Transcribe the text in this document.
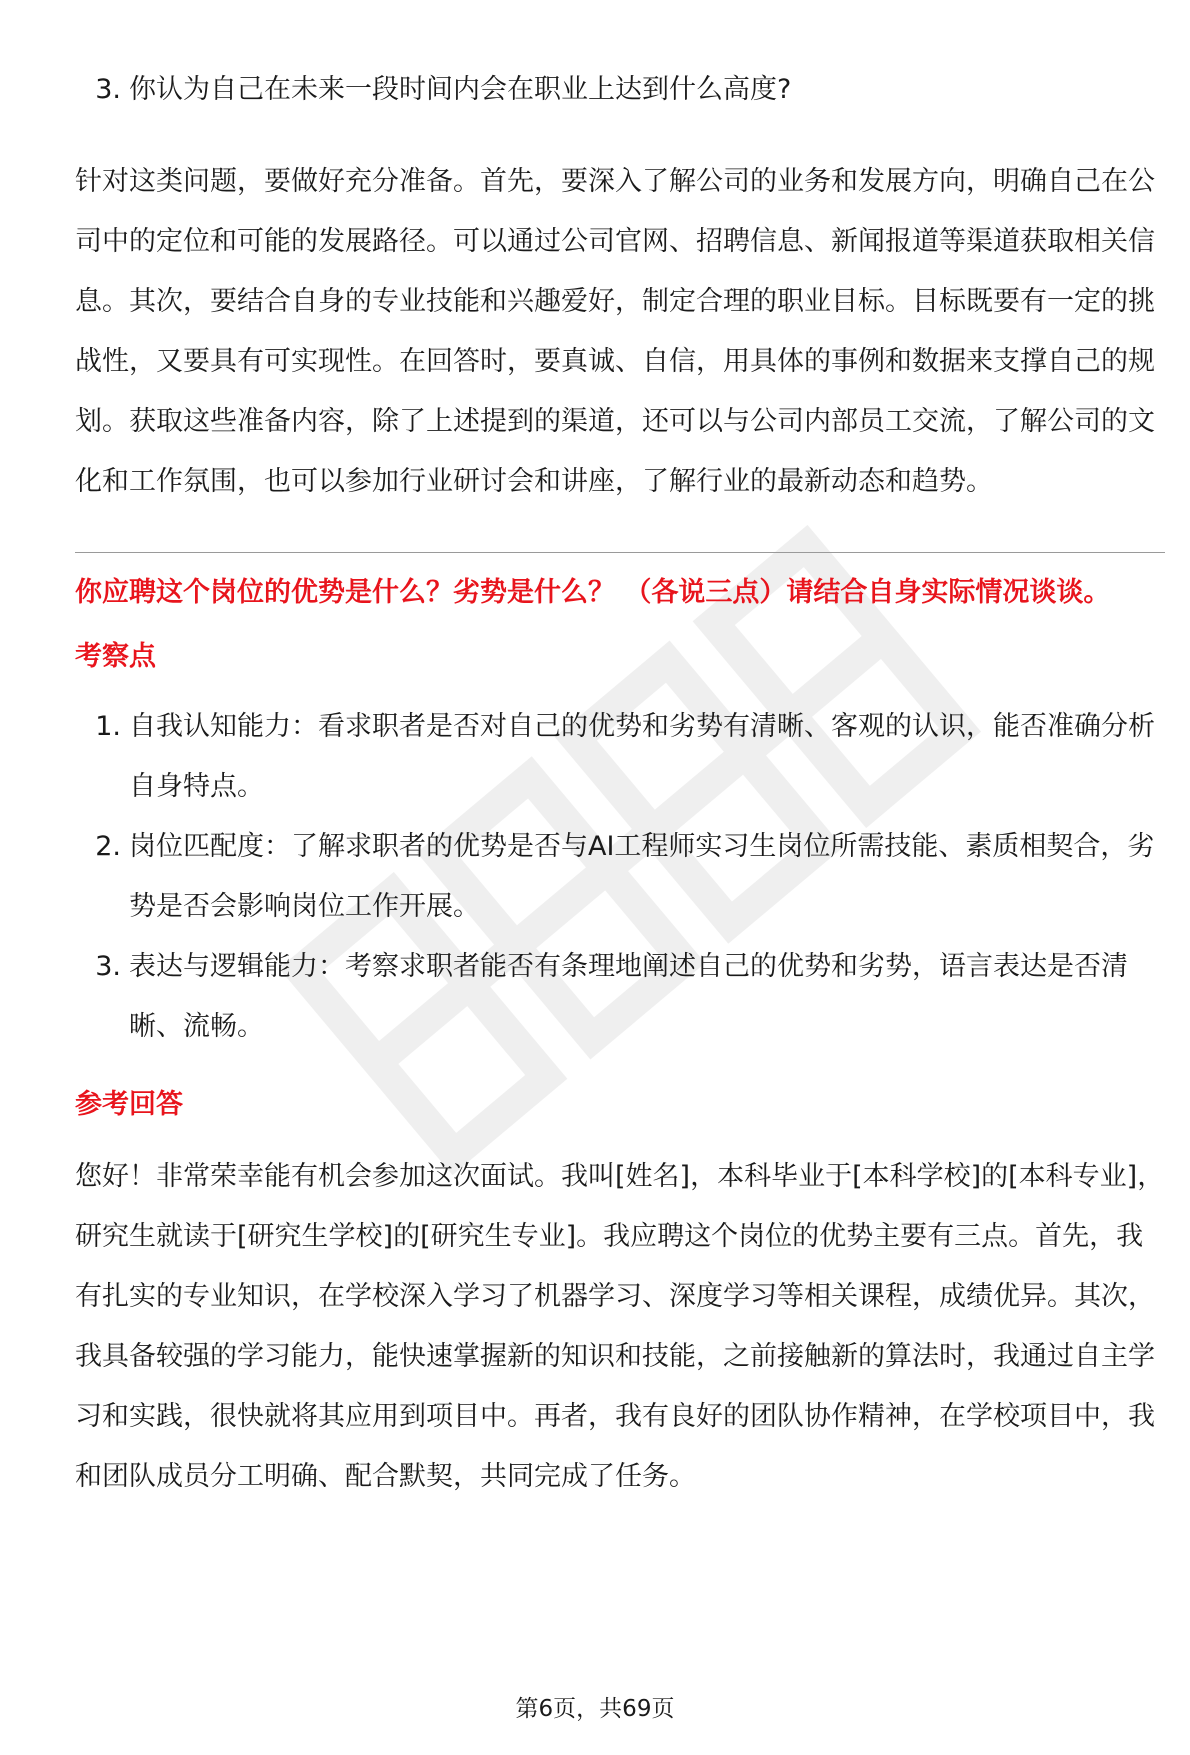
3. 你认为自己在未来一段时间内会在职业上达到什么高度?

针对这类问题，要做好充分准备。首先，要深入了解公司的业务和发展方向，明确自己在公司中的定位和可能的发展路径。可以通过公司官网、招聘信息、新闻报道等渠道获取相关信息。其次，要结合自身的专业技能和兴趣爱好，制定合理的职业目标。目标既要有一定的挑战性，又要具有可实现性。在回答时，要真诚、自信，用具体的事例和数据来支撑自己的规划。获取这些准备内容，除了上述提到的渠道，还可以与公司内部员工交流，了解公司的文化和工作氛围，也可以参加行业研讨会和讲座，了解行业的最新动态和趋势。

你应聘这个岗位的优势是什么？劣势是什么？ （各说三点）请结合自身实际情况谈谈。
考察点
1. 自我认知能力：看求职者是否对自己的优势和劣势有清晰、客观的认识，能否准确分析自身特点。
2. 岗位匹配度：了解求职者的优势是否与AI工程师实习生岗位所需技能、素质相契合，劣势是否会影响岗位工作开展。
3. 表达与逻辑能力：考察求职者能否有条理地阐述自己的优势和劣势，语言表达是否清晰、流畅。
参考回答

您好！非常荣幸能有机会参加这次面试。我叫[姓名]，本科毕业于[本科学校]的[本科专业]，研究生就读于[研究生学校]的[研究生专业]。我应聘这个岗位的优势主要有三点。首先，我有扎实的专业知识，在学校深入学习了机器学习、深度学习等相关课程，成绩优异。其次，我具备较强的学习能力，能快速掌握新的知识和技能，之前接触新的算法时，我通过自主学习和实践，很快就将其应用到项目中。再者，我有良好的团队协作精神，在学校项目中，我和团队成员分工明确、配合默契，共同完成了任务。

第6页，共69页
